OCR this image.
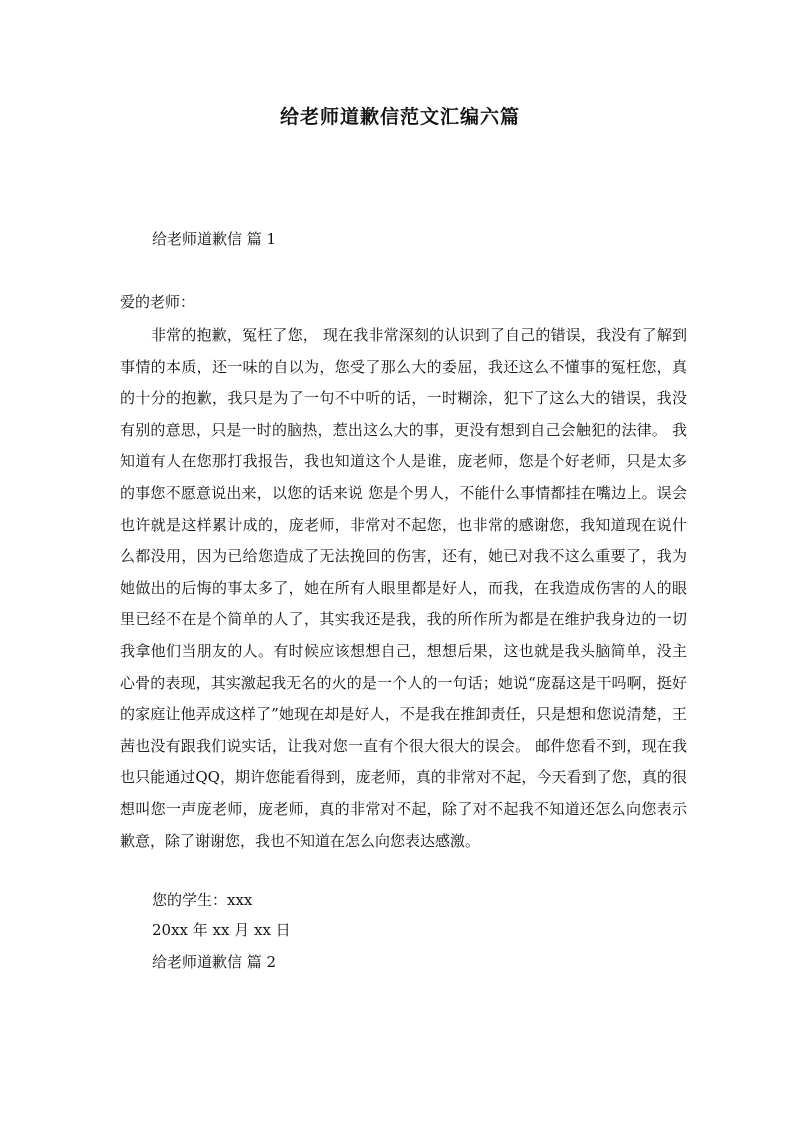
给老师道歉信范文汇编六篇
给老师道歉信 篇 1
爱的老师：
非常的抱歉，冤枉了您， 现在我非常深刻的认识到了自己的错误，我没有了解到事情的本质，还一味的自以为，您受了那么大的委屈，我还这么不懂事的冤枉您，真的十分的抱歉，我只是为了一句不中听的话，一时糊涂，犯下了这么大的错误，我没有别的意思，只是一时的脑热，惹出这么大的事，更没有想到自己会触犯的法律。 我知道有人在您那打我报告，我也知道这个人是谁，庞老师，您是个好老师，只是太多的事您不愿意说出来，以您的话来说 您是个男人，不能什么事情都挂在嘴边上。误会也许就是这样累计成的，庞老师，非常对不起您，也非常的感谢您，我知道现在说什么都没用，因为已给您造成了无法挽回的伤害，还有，她已对我不这么重要了，我为她做出的后悔的事太多了，她在所有人眼里都是好人，而我，在我造成伤害的人的眼里已经不在是个简单的人了，其实我还是我，我的所作所为都是在维护我身边的一切我拿他们当朋友的人。有时候应该想想自己，想想后果，这也就是我头脑简单，没主心骨的表现，其实激起我无名的火的是一个人的一句话；她说“庞磊这是干吗啊，挺好的家庭让他弄成这样了”她现在却是好人，不是我在推卸责任，只是想和您说清楚，王茜也没有跟我们说实话，让我对您一直有个很大很大的误会。 邮件您看不到，现在我也只能通过QQ，期许您能看得到，庞老师，真的非常对不起，今天看到了您，真的很想叫您一声庞老师，庞老师，真的非常对不起，除了对不起我不知道还怎么向您表示歉意，除了谢谢您，我也不知道在怎么向您表达感激。
您的学生：xxx
20xx 年 xx 月 xx 日
给老师道歉信 篇 2
